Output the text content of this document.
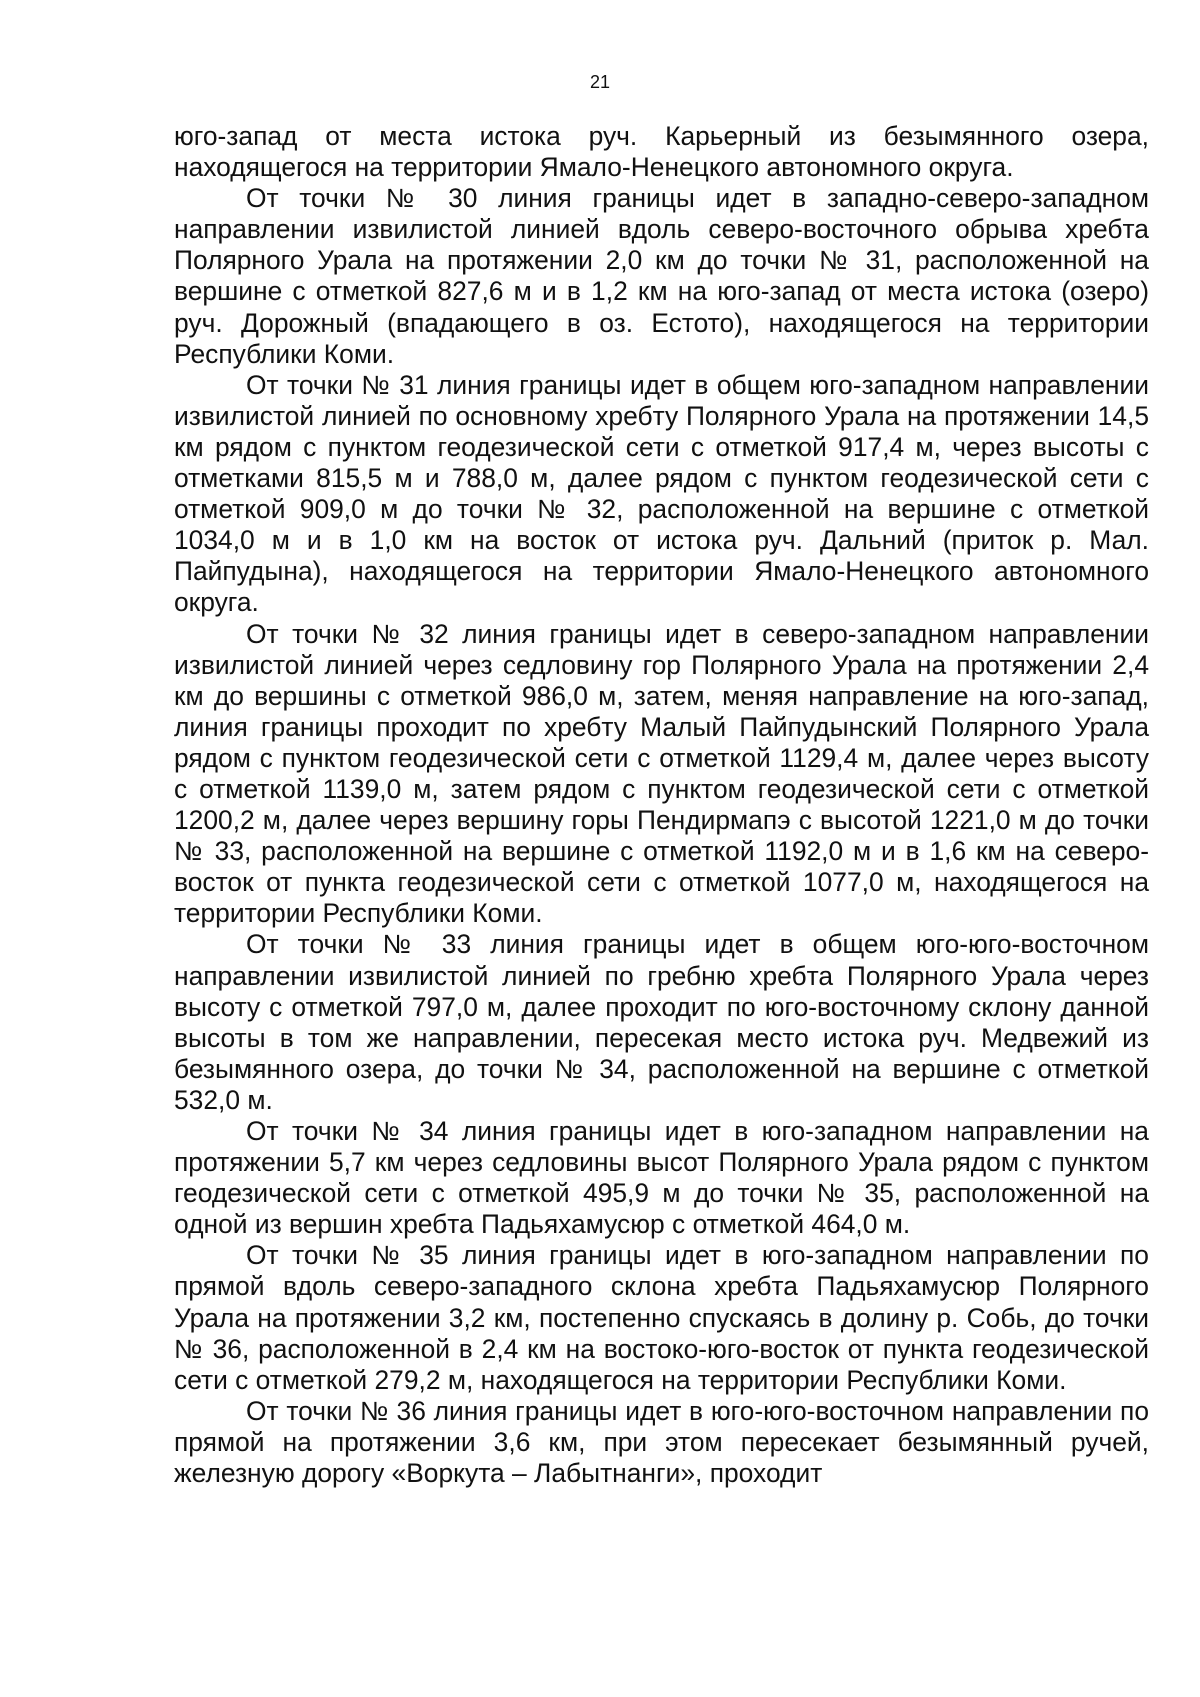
21

юго-запад от места истока руч. Карьерный из безымянного озера, находящегося на территории Ямало-Ненецкого автономного округа.

От точки № 30 линия границы идет в западно-северо-западном направлении извилистой линией вдоль северо-восточного обрыва хребта Полярного Урала на протяжении 2,0 км до точки № 31, расположенной на вершине с отметкой 827,6 м и в 1,2 км на юго-запад от места истока (озеро) руч. Дорожный (впадающего в оз. Естото), находящегося на территории Республики Коми.

От точки № 31 линия границы идет в общем юго-западном направлении извилистой линией по основному хребту Полярного Урала на протяжении 14,5 км рядом с пунктом геодезической сети с отметкой 917,4 м, через высоты с отметками 815,5 м и 788,0 м, далее рядом с пунктом геодезической сети с отметкой 909,0 м до точки № 32, расположенной на вершине с отметкой 1034,0 м и в 1,0 км на восток от истока руч. Дальний (приток р. Мал. Пайпудына), находящегося на территории Ямало-Ненецкого автономного округа.

От точки № 32 линия границы идет в северо-западном направлении извилистой линией через седловину гор Полярного Урала на протяжении 2,4 км до вершины с отметкой 986,0 м, затем, меняя направление на юго-запад, линия границы проходит по хребту Малый Пайпудынский Полярного Урала рядом с пунктом геодезической сети с отметкой 1129,4 м, далее через высоту с отметкой 1139,0 м, затем рядом с пунктом геодезической сети с отметкой 1200,2 м, далее через вершину горы Пендирмапэ с высотой 1221,0 м до точки № 33, расположенной на вершине с отметкой 1192,0 м и в 1,6 км на северо-восток от пункта геодезической сети с отметкой 1077,0 м, находящегося на территории Республики Коми.

От точки № 33 линия границы идет в общем юго-юго-восточном направлении извилистой линией по гребню хребта Полярного Урала через высоту с отметкой 797,0 м, далее проходит по юго-восточному склону данной высоты в том же направлении, пересекая место истока руч. Медвежий из безымянного озера, до точки № 34, расположенной на вершине с отметкой 532,0 м.

От точки № 34 линия границы идет в юго-западном направлении на протяжении 5,7 км через седловины высот Полярного Урала рядом с пунктом геодезической сети с отметкой 495,9 м до точки № 35, расположенной на одной из вершин хребта Падьяхамусюр с отметкой 464,0 м.

От точки № 35 линия границы идет в юго-западном направлении по прямой вдоль северо-западного склона хребта Падьяхамусюр Полярного Урала на протяжении 3,2 км, постепенно спускаясь в долину р. Собь, до точки № 36, расположенной в 2,4 км на востоко-юго-восток от пункта геодезической сети с отметкой 279,2 м, находящегося на территории Республики Коми.

От точки № 36 линия границы идет в юго-юго-восточном направлении по прямой на протяжении 3,6 км, при этом пересекает безымянный ручей, железную дорогу «Воркута – Лабытнанги», проходит
